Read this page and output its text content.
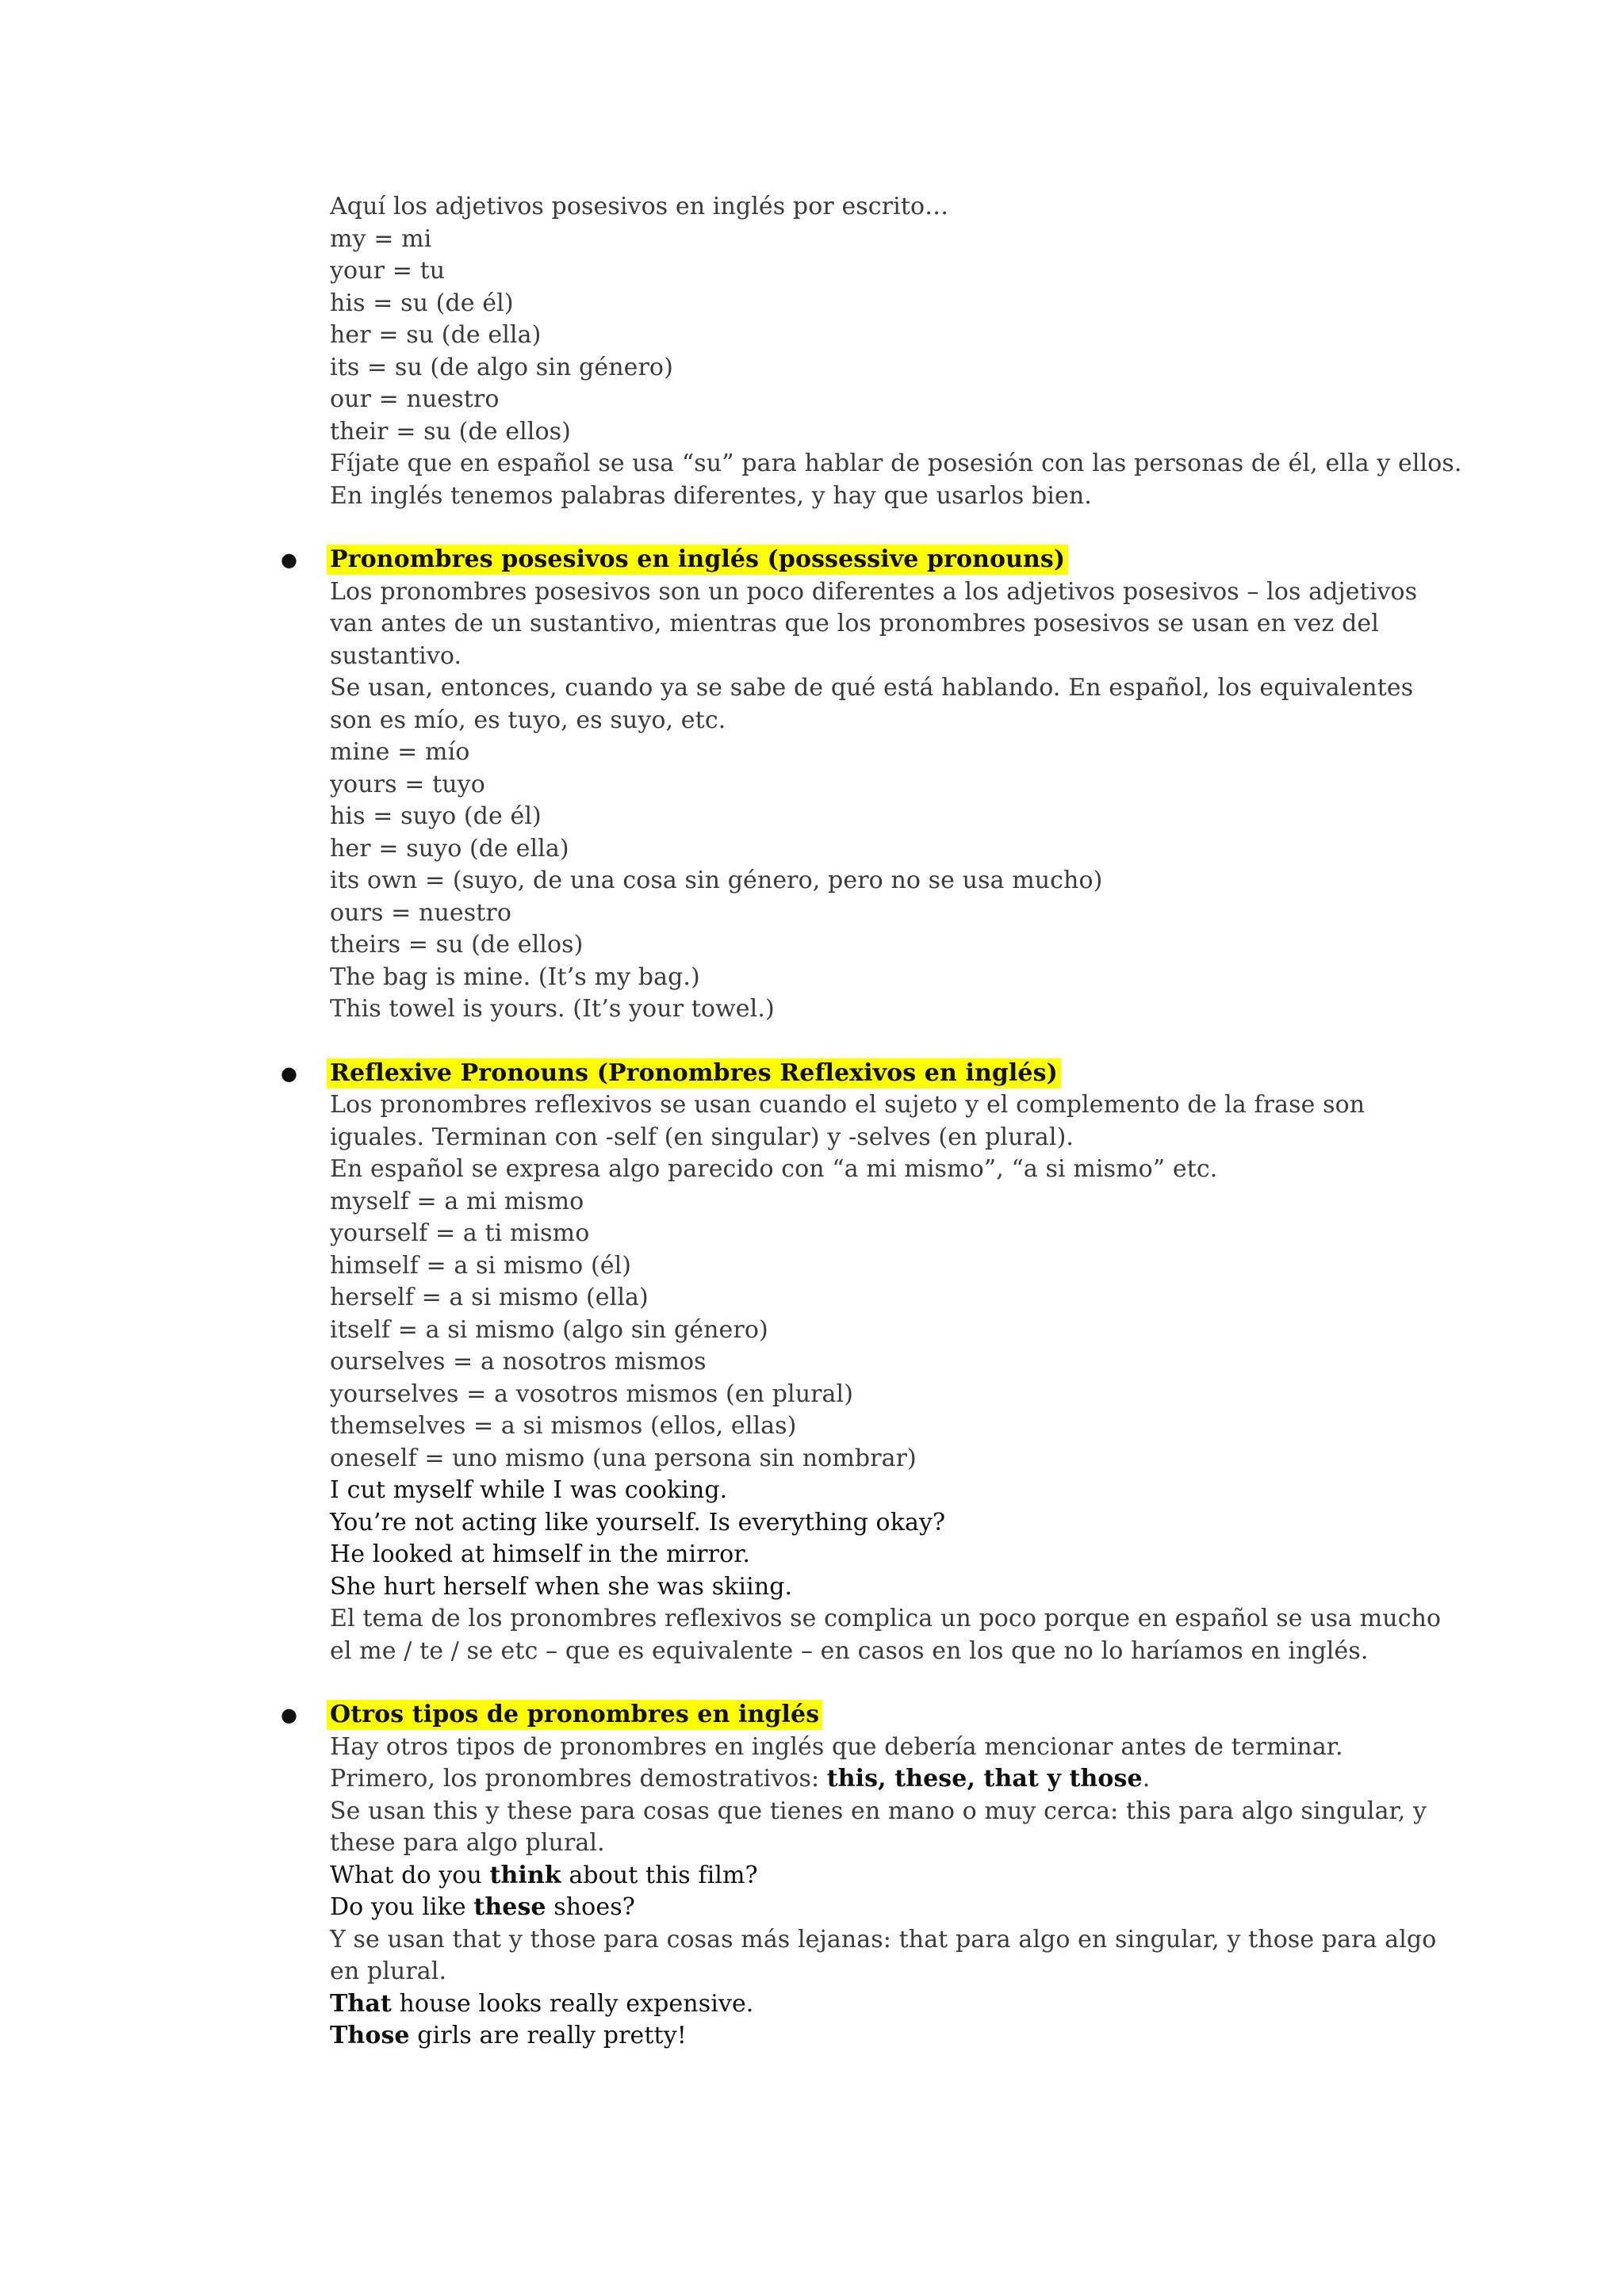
Aquí los adjetivos posesivos en inglés por escrito…
my = mi
your = tu
his = su (de él)
her = su (de ella)
its = su (de algo sin género)
our = nuestro
their = su (de ellos)
Fíjate que en español se usa “su” para hablar de posesión con las personas de él, ella y ellos.
En inglés tenemos palabras diferentes, y hay que usarlos bien.
● Pronombres posesivos en inglés (possessive pronouns)
Los pronombres posesivos son un poco diferentes a los adjetivos posesivos – los adjetivos
van antes de un sustantivo, mientras que los pronombres posesivos se usan en vez del
sustantivo.
Se usan, entonces, cuando ya se sabe de qué está hablando. En español, los equivalentes
son es mío, es tuyo, es suyo, etc.
mine = mío
yours = tuyo
his = suyo (de él)
her = suyo (de ella)
its own = (suyo, de una cosa sin género, pero no se usa mucho)
ours = nuestro
theirs = su (de ellos)
The bag is mine. (It’s my bag.)
This towel is yours. (It’s your towel.)
● Reflexive Pronouns (Pronombres Reflexivos en inglés)
Los pronombres reflexivos se usan cuando el sujeto y el complemento de la frase son
iguales. Terminan con -self (en singular) y -selves (en plural).
En español se expresa algo parecido con “a mi mismo”, “a si mismo” etc.
myself = a mi mismo
yourself = a ti mismo
himself = a si mismo (él)
herself = a si mismo (ella)
itself = a si mismo (algo sin género)
ourselves = a nosotros mismos
yourselves = a vosotros mismos (en plural)
themselves = a si mismos (ellos, ellas)
oneself = uno mismo (una persona sin nombrar)
I cut myself while I was cooking.
You’re not acting like yourself. Is everything okay?
He looked at himself in the mirror.
She hurt herself when she was skiing.
El tema de los pronombres reflexivos se complica un poco porque en español se usa mucho
el me / te / se etc – que es equivalente – en casos en los que no lo haríamos en inglés.
● Otros tipos de pronombres en inglés
Hay otros tipos de pronombres en inglés que debería mencionar antes de terminar.
Primero, los pronombres demostrativos: this, these, that y those.
Se usan this y these para cosas que tienes en mano o muy cerca: this para algo singular, y
these para algo plural.
What do you think about this film?
Do you like these shoes?
Y se usan that y those para cosas más lejanas: that para algo en singular, y those para algo
en plural.
That house looks really expensive.
Those girls are really pretty!
